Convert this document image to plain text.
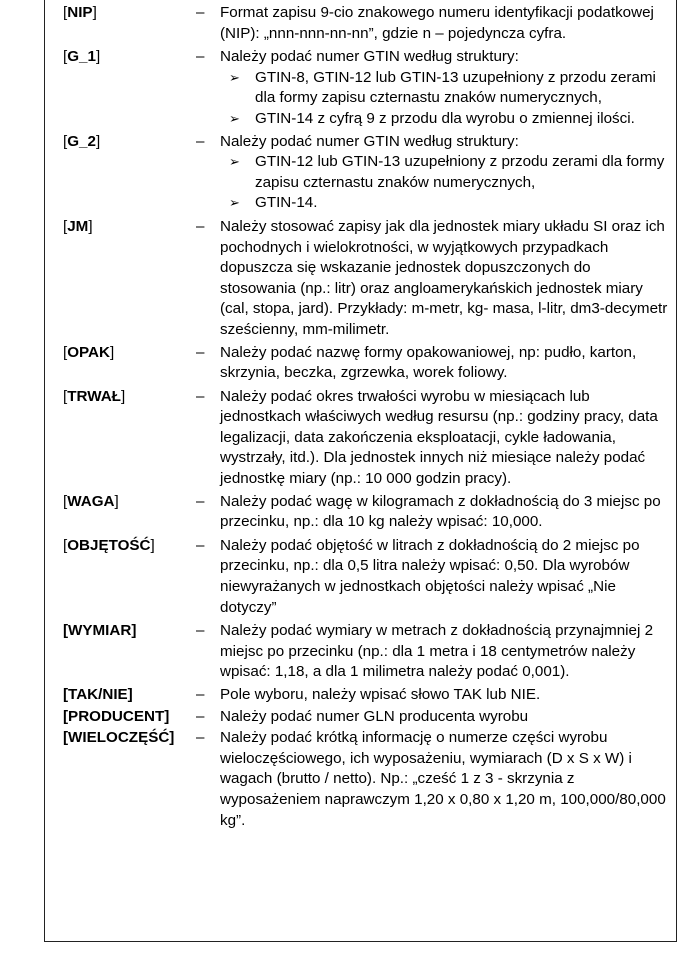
[NIP]	–	Format zapisu 9-cio znakowego numeru identyfikacji podatkowej (NIP): „nnn-nnn-nn-nn”, gdzie n – pojedyncza cyfra.
[G_1]	–	Należy podać numer GTIN według struktury:
➢ GTIN-8, GTIN-12 lub GTIN-13 uzupełniony z przodu zerami dla formy zapisu czternastu znaków numerycznych,
➢ GTIN-14 z cyfrą 9 z przodu dla wyrobu o zmiennej ilości.
[G_2]	–	Należy podać numer GTIN według struktury:
➢ GTIN-12 lub GTIN-13 uzupełniony z przodu zerami dla formy zapisu czternastu znaków numerycznych,
➢ GTIN-14.
[JM]	–	Należy stosować zapisy jak dla jednostek miary układu SI oraz ich pochodnych i wielokrotności, w wyjątkowych przypadkach dopuszcza się wskazanie jednostek dopuszczonych do stosowania (np.: litr) oraz angloamerykańskich jednostek miary (cal, stopa, jard). Przykłady: m-metr, kg- masa, l-litr, dm3-decymetr sześcienny, mm-milimetr.
[OPAK]	–	Należy podać nazwę formy opakowaniowej, np: pudło, karton, skrzynia, beczka, zgrzewka, worek foliowy.
[TRWAŁ]	–	Należy podać okres trwałości wyrobu w miesiącach lub jednostkach właściwych według resursu (np.: godziny pracy, data legalizacji, data zakończenia eksploatacji, cykle ładowania, wystrzały, itd.). Dla jednostek innych niż miesiące należy podać jednostkę miary (np.: 10 000 godzin pracy).
[WAGA]	–	Należy podać wagę w kilogramach z dokładnością do 3 miejsc po przecinku, np.: dla 10 kg należy wpisać: 10,000.
[OBJĘTOŚĆ]	–	Należy podać objętość w litrach z dokładnością do 2 miejsc po przecinku, np.: dla 0,5 litra należy wpisać: 0,50. Dla wyrobów niewyrażanych w jednostkach objętości należy wpisać „Nie dotyczy”
[WYMIAR]	–	Należy podać wymiary w metrach z dokładnością przynajmniej 2 miejsc po przecinku (np.: dla 1 metra i 18 centymetrów należy wpisać: 1,18, a dla 1 milimetra należy podać 0,001).
[TAK/NIE]	–	Pole wyboru, należy wpisać słowo TAK lub NIE.
[PRODUCENT]	–	Należy podać numer GLN producenta wyrobu
[WIELOCZĘŚĆ]	–	Należy podać krótką informację o numerze części wyrobu wieloczęściowego, ich wyposażeniu, wymiarach (D x S x W) i wagach (brutto / netto). Np.: „cześć 1 z 3 - skrzynia z wyposażeniem naprawczym 1,20 x 0,80 x 1,20 m, 100,000/80,000 kg”.
